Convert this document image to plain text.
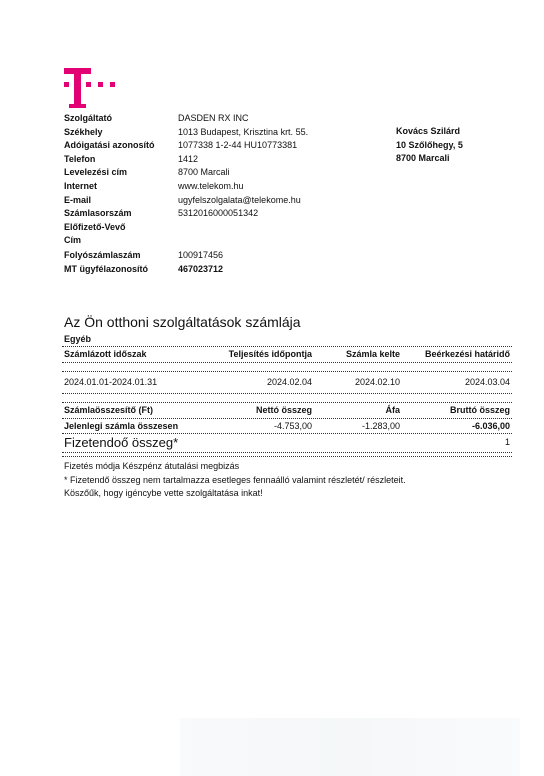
Szolgáltató	DASDEN RX INC
Székhely	1013 Budapest, Krisztina krt. 55.
Adóigatási azonosító	1077338 1-2-44 HU10773381
Telefon	1412
Levelezési cím	8700 Marcali
Internet	www.telekom.hu
E-mail	ugyfelszolgalata@telekome.hu
Számlasorszám	5312016000051342
Előfizető-Vevő
Cím
Folyószámlaszám	100917456
MT ügyfélazonosító	467023712
Kovács Szilárd
10 Szőlőhegy, 5
8700 Marcali
Az Ön otthoni szolgáltatások számlája
Egyéb
Számlázott időszak	Teljesítés időpontja	Számla kelte	Beérkezési határidő
2024.01.01-2024.01.31	2024.02.04	2024.02.10	2024.03.04
Számlaösszesítő (Ft)	Nettó összeg	Áfa	Bruttó összeg
Jelenlegi számla összesen	-4.753,00	-1.283,00	-6.036,00
Fizetendoő összeg*	1
Fizetés módja Készpénz átutalási megbizás
* Fizetendő összeg nem tartalmazza esetleges fennaálló valamint részletét/ részleteit.
Köszőűk, hogy igéncybe vette szolgáltatása inkat!
